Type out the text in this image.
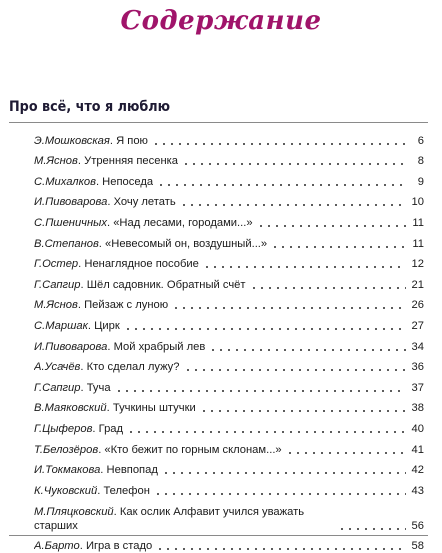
Содержание
Про всё, что я люблю
Э.Мошковская. Я пою	6
М.Яснов. Утренняя песенка	8
С.Михалков. Непоседа	9
И.Пивоварова. Хочу летать	10
С.Пшеничных. «Над лесами, городами...»	11
В.Степанов. «Невесомый он, воздушный...»	11
Г.Остер. Ненаглядное пособие	12
Г.Сапгир. Шёл садовник. Обратный счёт	21
М.Яснов. Пейзаж с луною	26
С.Маршак. Цирк	27
И.Пивоварова. Мой храбрый лев	34
А.Усачёв. Кто сделал лужу?	36
Г.Сапгир. Туча	37
В.Маяковский. Тучкины штучки	38
Г.Цыферов. Град	40
Т.Белозёров. «Кто бежит по горным склонам...»	41
И.Токмакова. Невпопад	42
К.Чуковский. Телефон	43
М.Пляцковский. Как ослик Алфавит учился уважать старших	56
А.Барто. Игра в стадо	58
